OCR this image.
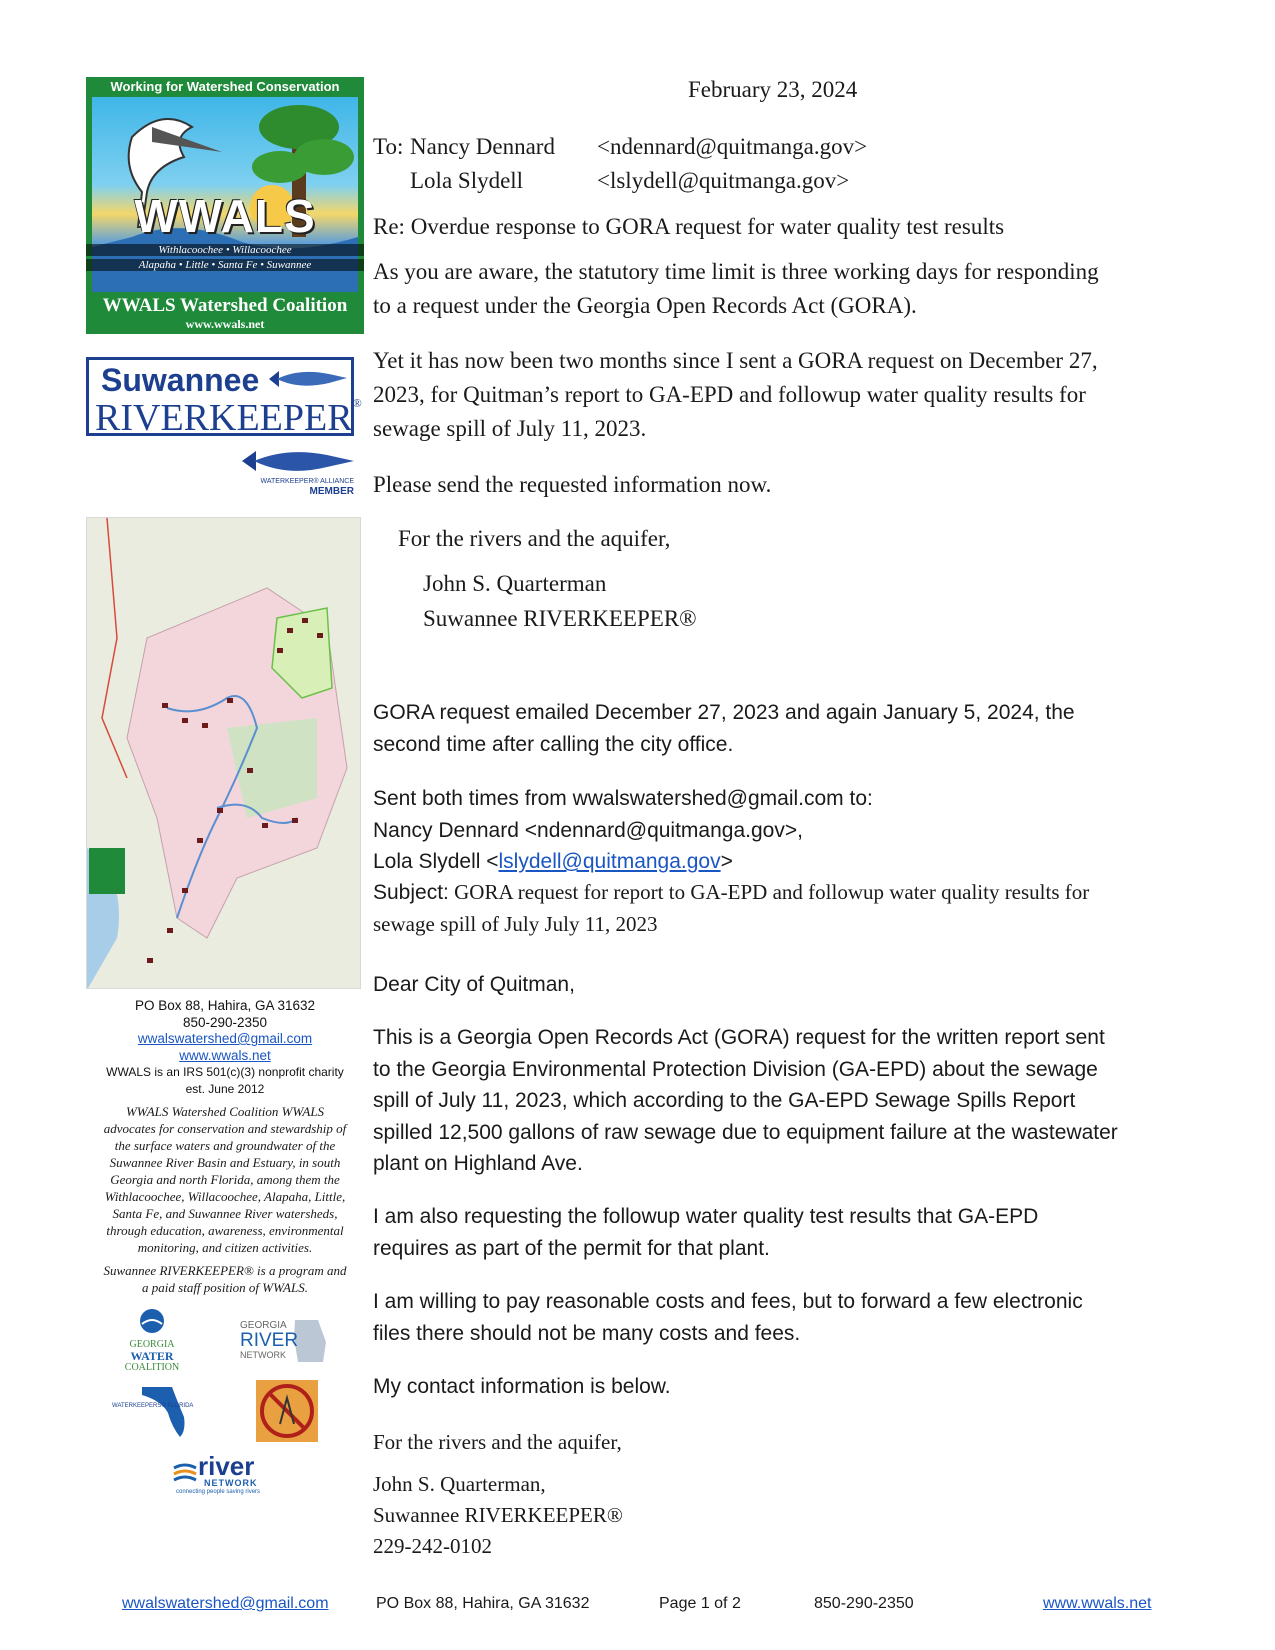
Working for Watershed Conservation
WWALS
Withlacoochee • Willacoochee
Alapaha • Little • Santa Fe • Suwannee
WWALS Watershed Coalition
www.wwals.net
Suwannee
RIVERKEEPER®
WATERKEEPER® ALLIANCE
MEMBER
PO Box 88, Hahira, GA 31632
850-290-2350
wwalswatershed@gmail.com
www.wwals.net
WWALS is an IRS 501(c)(3) nonprofit charity
est. June 2012
WWALS Watershed Coalition WWALS
advocates for conservation and stewardship of
the surface waters and groundwater of the
Suwannee River Basin and Estuary, in south
Georgia and north Florida, among them the
Withlacoochee, Willacoochee, Alapaha, Little,
Santa Fe, and Suwannee River watersheds,
through education, awareness, environmental
monitoring, and citizen activities.
Suwannee RIVERKEEPER® is a program and
a paid staff position of WWALS.
GEORGIA
WATER
COALITION
GEORGIA
RIVER
NETWORK
WATERKEEPERS® FLORIDA
river
NETWORK
connecting people saving rivers
February 23, 2024
To: Nancy Dennard <ndennard@quitmanga.gov>
Lola Slydell	<lslydell@quitmanga.gov>
Re: Overdue response to GORA request for water quality test results
As you are aware, the statutory time limit is three working days for responding
to a request under the Georgia Open Records Act (GORA).
Yet it has now been two months since I sent a GORA request on December 27,
2023, for Quitman’s report to GA-EPD and followup water quality results for
sewage spill of July 11, 2023.
Please send the requested information now.
For the rivers and the aquifer,
John S. Quarterman
Suwannee RIVERKEEPER®
GORA request emailed December 27, 2023 and again January 5, 2024, the
second time after calling the city office.
Sent both times from wwalswatershed@gmail.com to:
Nancy Dennard <ndennard@quitmanga.gov>,
Lola Slydell <lslydell@quitmanga.gov>
Subject: GORA request for report to GA-EPD and followup water quality results for
sewage spill of July July 11, 2023
Dear City of Quitman,
This is a Georgia Open Records Act (GORA) request for the written report sent
to the Georgia Environmental Protection Division (GA-EPD) about the sewage
spill of July 11, 2023, which according to the GA-EPD Sewage Spills Report
spilled 12,500 gallons of raw sewage due to equipment failure at the wastewater
plant on Highland Ave.
I am also requesting the followup water quality test results that GA-EPD
requires as part of the permit for that plant.
I am willing to pay reasonable costs and fees, but to forward a few electronic
files there should not be many costs and fees.
My contact information is below.
For the rivers and the aquifer,
John S. Quarterman,
Suwannee RIVERKEEPER®
229-242-0102
wwalswatershed@gmail.com	PO Box 88, Hahira, GA 31632	Page 1 of 2	850-290-2350	www.wwals.net
